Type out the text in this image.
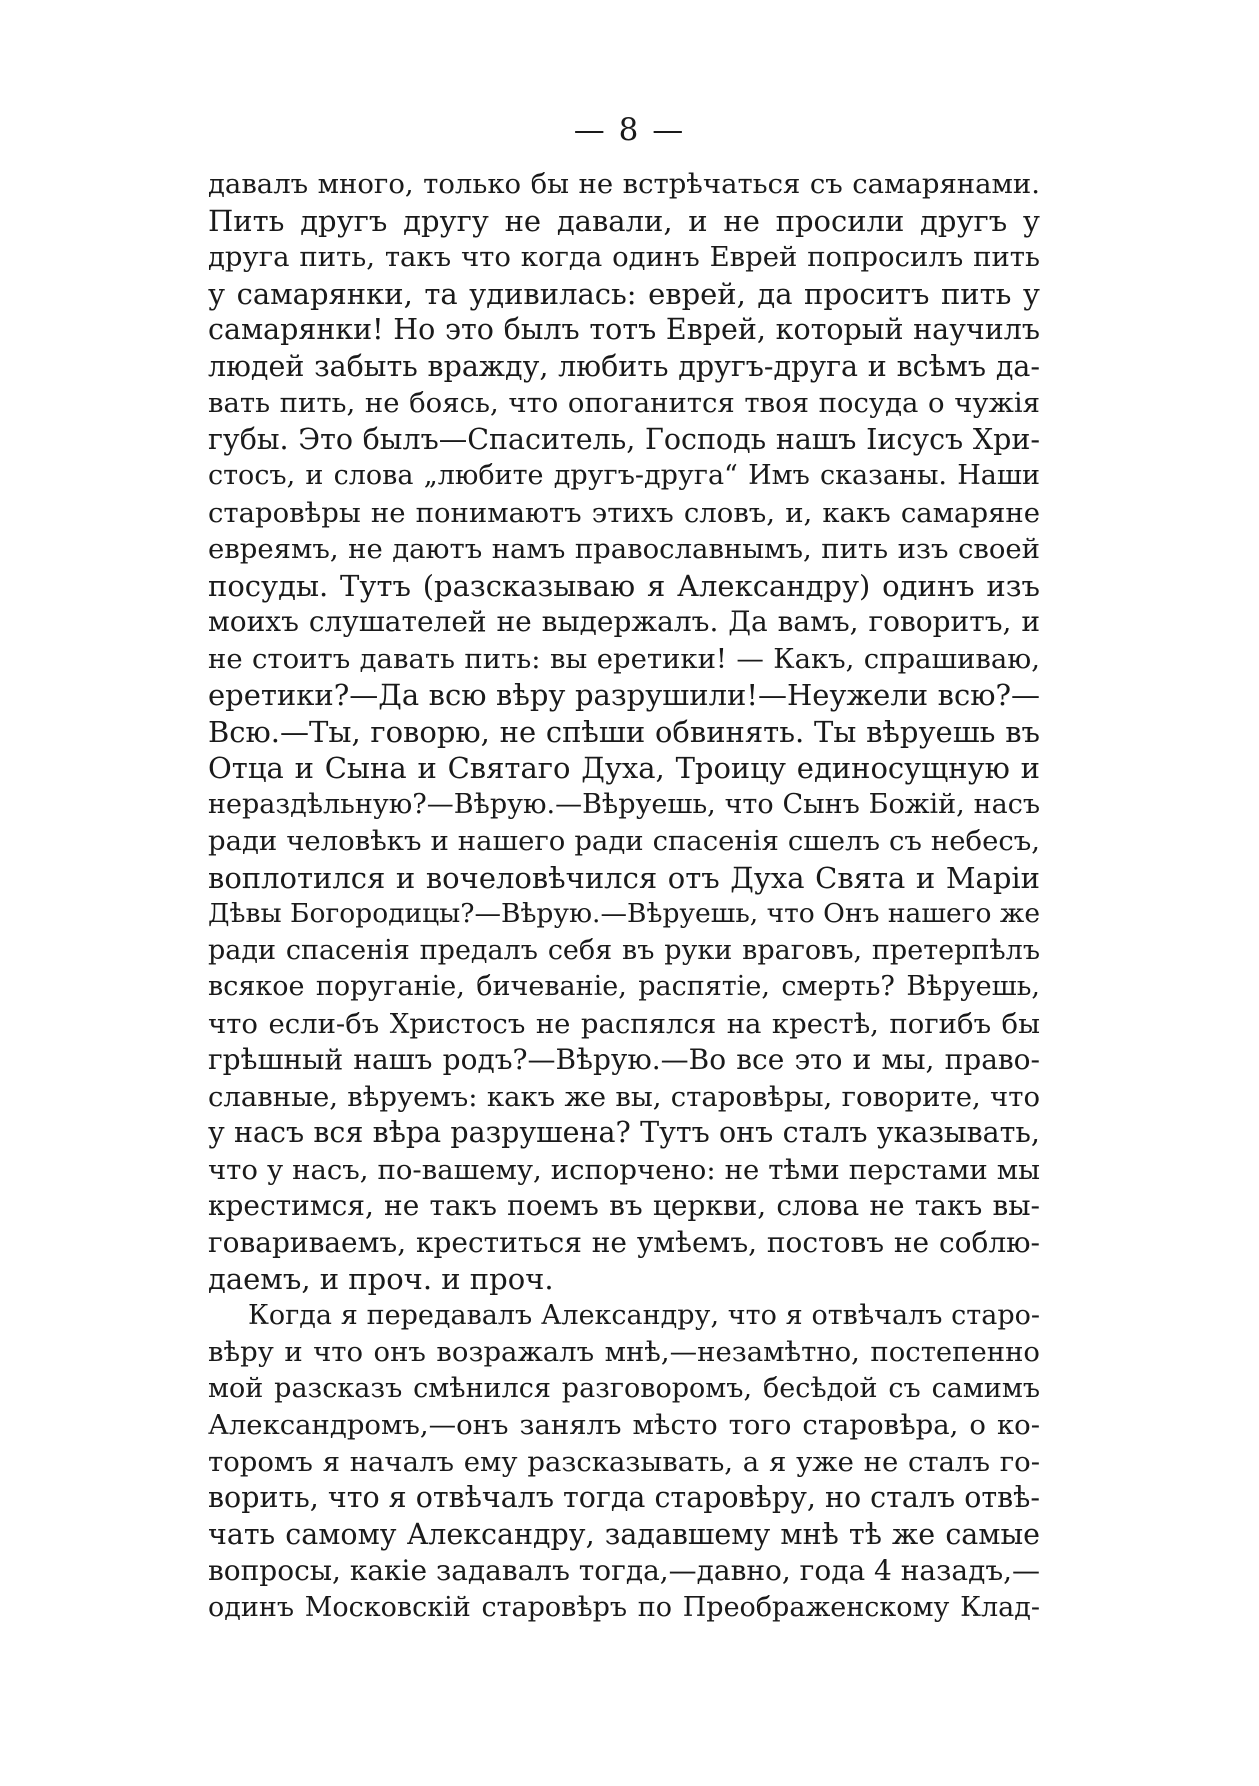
— 8 —
давалъ много, только бы не встрѣчаться съ самарянами.
Пить другъ другу не давали, и не просили другъ у
друга пить, такъ что когда одинъ Еврей попросилъ пить
у самарянки, та удивилась: еврей, да проситъ пить у
самарянки! Но это былъ тотъ Еврей, который научилъ
людей забыть вражду, любить другъ-друга и всѣмъ да-
вать пить, не боясь, что опоганится твоя посуда о чужія
губы. Это былъ—Спаситель, Господь нашъ Іисусъ Хри-
стосъ, и слова „любите другъ-друга“ Имъ сказаны. Наши
старовѣры не понимаютъ этихъ словъ, и, какъ самаряне
евреямъ, не даютъ намъ православнымъ, пить изъ своей
посуды. Тутъ (разсказываю я Александру) одинъ изъ
моихъ слушателей не выдержалъ. Да вамъ, говоритъ, и
не стоитъ давать пить: вы еретики! — Какъ, спрашиваю,
еретики?—Да всю вѣру разрушили!—Неужели всю?—
Всю.—Ты, говорю, не спѣши обвинять. Ты вѣруешь въ
Отца и Сына и Святаго Духа, Троицу единосущную и
нераздѣльную?—Вѣрую.—Вѣруешь, что Сынъ Божій, насъ
ради человѣкъ и нашего ради спасенія сшелъ съ небесъ,
воплотился и вочеловѣчился отъ Духа Свята и Маріи
Дѣвы Богородицы?—Вѣрую.—Вѣруешь, что Онъ нашего же
ради спасенія предалъ себя въ руки враговъ, претерпѣлъ
всякое поруганіе, бичеваніе, распятіе, смерть? Вѣруешь,
что если-бъ Христосъ не распялся на крестѣ, погибъ бы
грѣшный нашъ родъ?—Вѣрую.—Во все это и мы, право-
славные, вѣруемъ: какъ же вы, старовѣры, говорите, что
у насъ вся вѣра разрушена? Тутъ онъ сталъ указывать,
что у насъ, по-вашему, испорчено: не тѣми перстами мы
крестимся, не такъ поемъ въ церкви, слова не такъ вы-
говариваемъ, креститься не умѣемъ, постовъ не соблю-
даемъ, и проч. и проч.
Когда я передавалъ Александру, что я отвѣчалъ старо-
вѣру и что онъ возражалъ мнѣ,—незамѣтно, постепенно
мой разсказъ смѣнился разговоромъ, бесѣдой съ самимъ
Александромъ,—онъ занялъ мѣсто того старовѣра, о ко-
торомъ я началъ ему разсказывать, а я уже не сталъ го-
ворить, что я отвѣчалъ тогда старовѣру, но сталъ отвѣ-
чать самому Александру, задавшему мнѣ тѣ же самые
вопросы, какіе задавалъ тогда,—давно, года 4 назадъ,—
одинъ Московскій старовѣръ по Преображенскому Клад-
